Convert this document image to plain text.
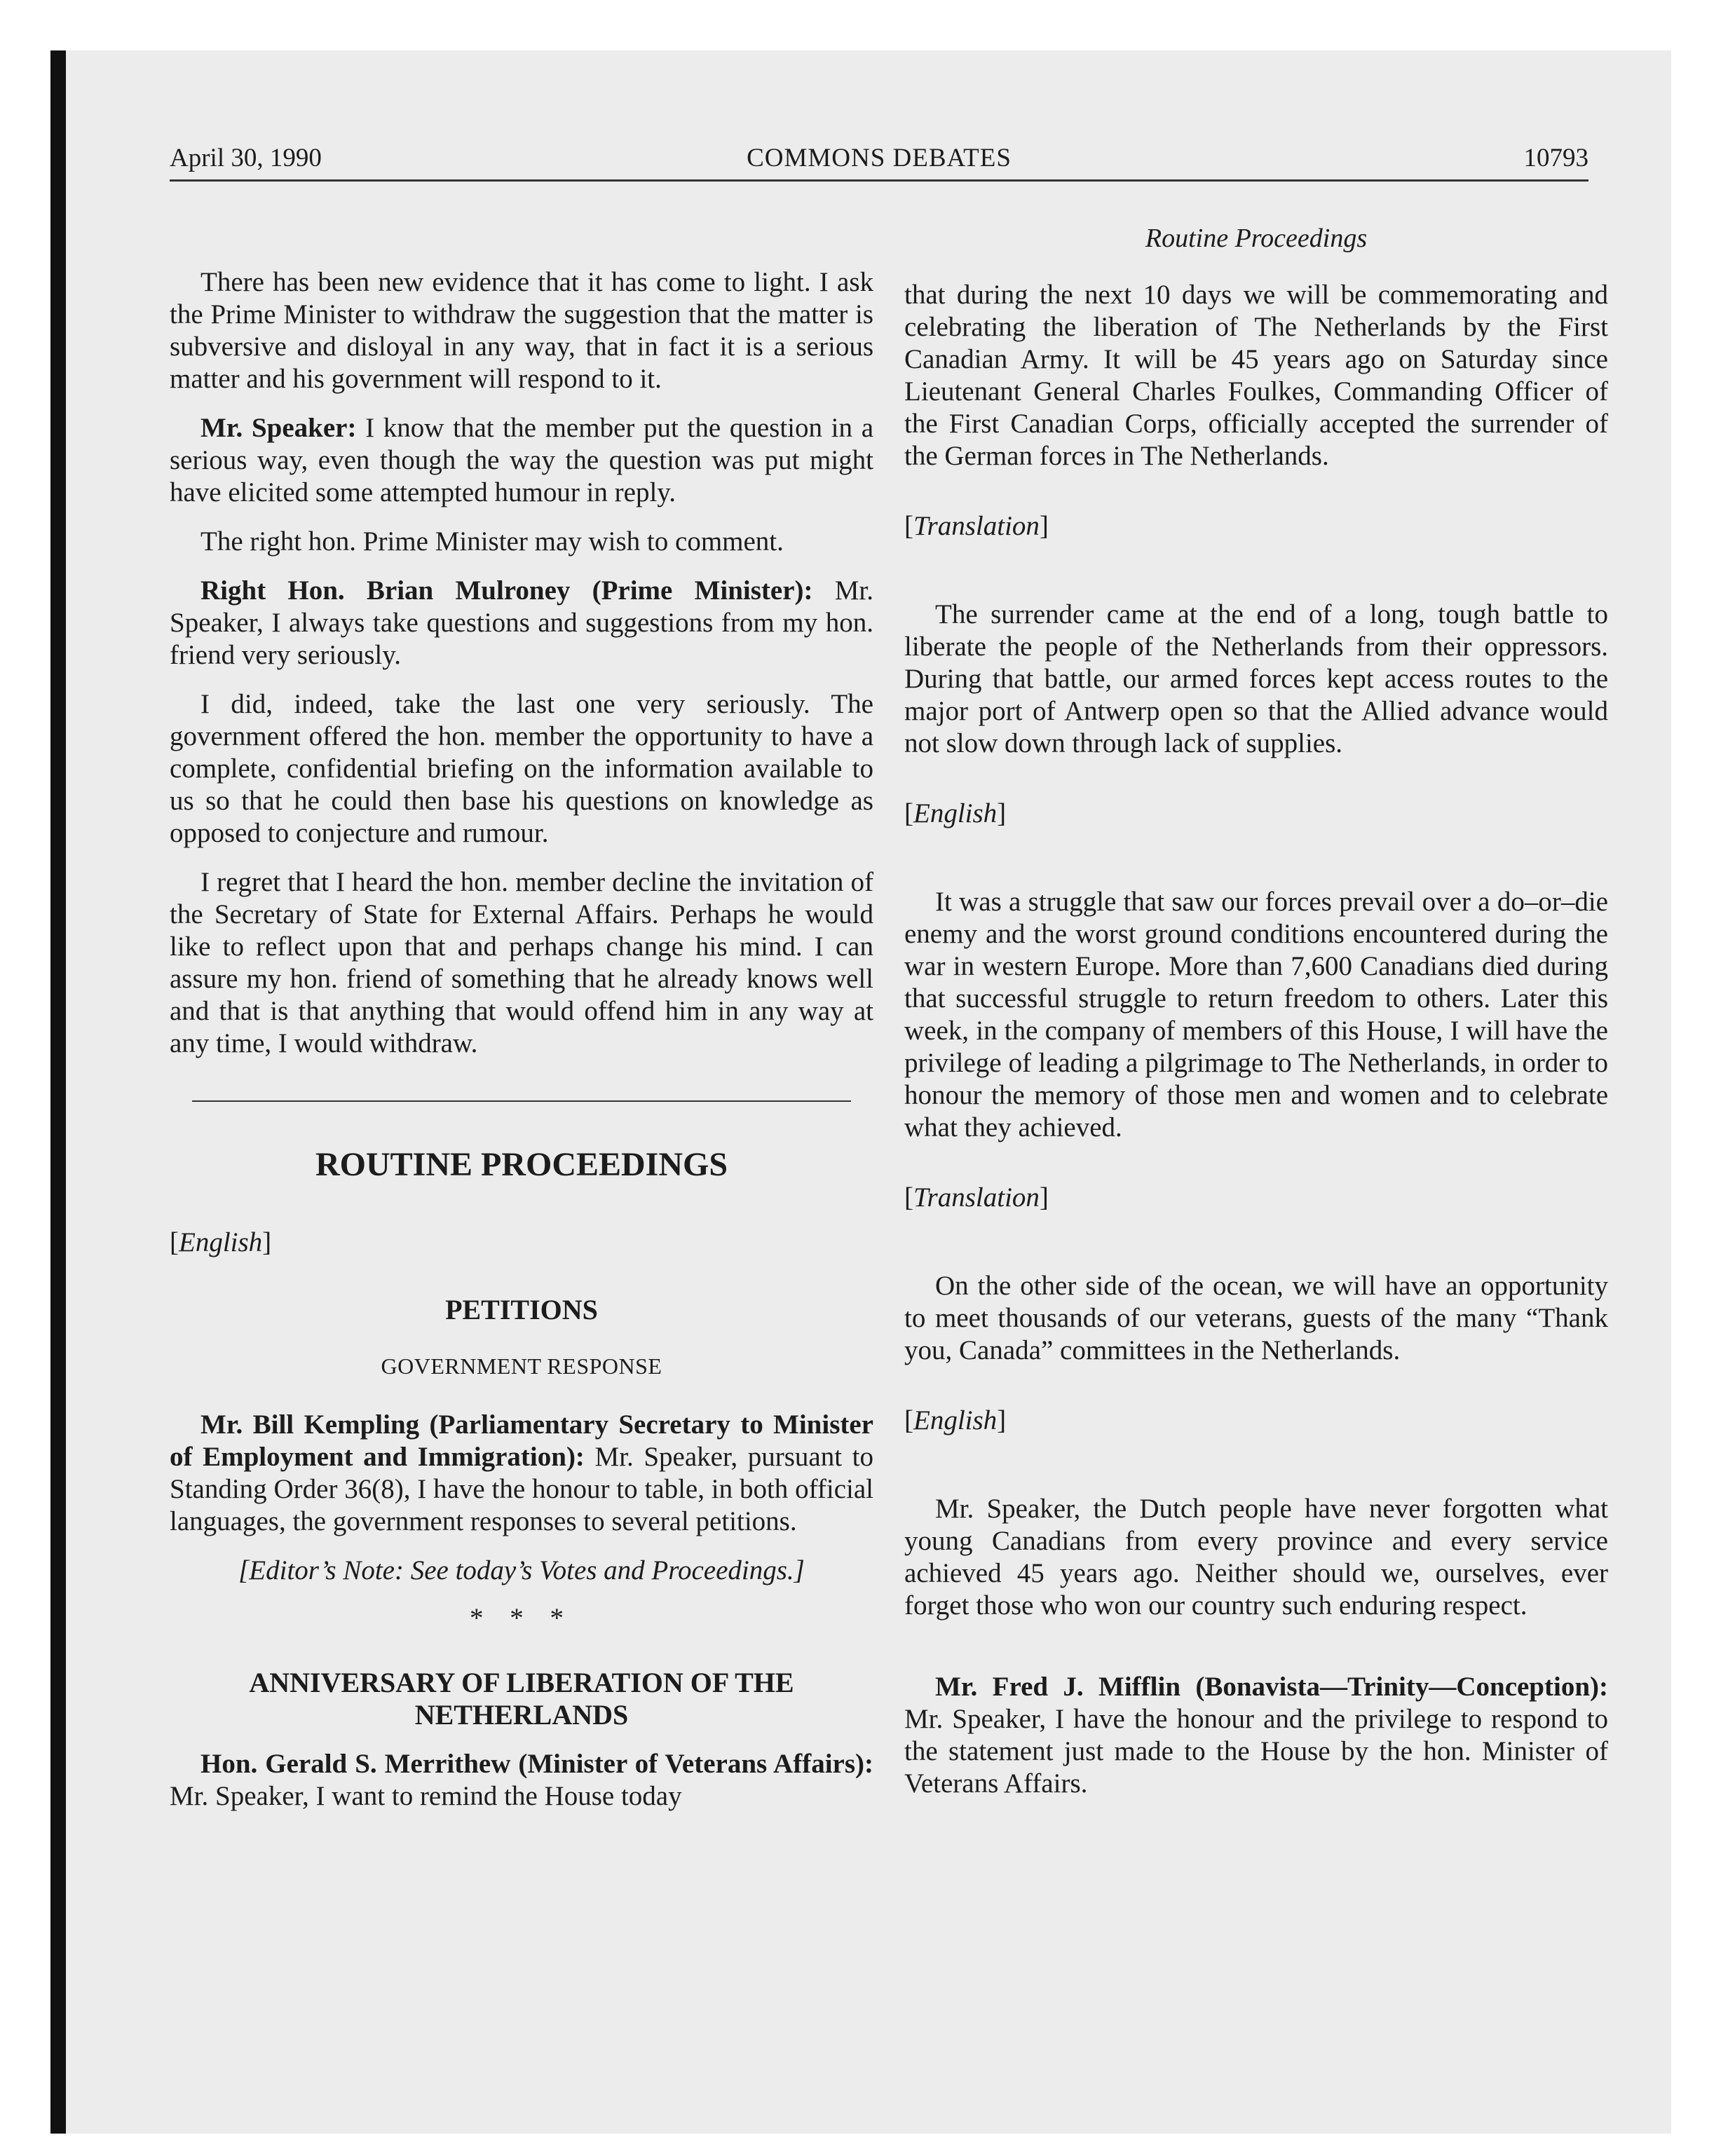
April 30, 1990	COMMONS DEBATES	10793
Routine Proceedings

There has been new evidence that it has come to light. I ask the Prime Minister to withdraw the suggestion that the matter is subversive and disloyal in any way, that in fact it is a serious matter and his government will respond to it.

Mr. Speaker: I know that the member put the question in a serious way, even though the way the question was put might have elicited some attempted humour in reply.

The right hon. Prime Minister may wish to comment.

Right Hon. Brian Mulroney (Prime Minister): Mr. Speaker, I always take questions and suggestions from my hon. friend very seriously.

I did, indeed, take the last one very seriously. The government offered the hon. member the opportunity to have a complete, confidential briefing on the information available to us so that he could then base his questions on knowledge as opposed to conjecture and rumour.

I regret that I heard the hon. member decline the invitation of the Secretary of State for External Affairs. Perhaps he would like to reflect upon that and perhaps change his mind. I can assure my hon. friend of something that he already knows well and that is that anything that would offend him in any way at any time, I would withdraw.

ROUTINE PROCEEDINGS

[English]

PETITIONS
GOVERNMENT RESPONSE

Mr. Bill Kempling (Parliamentary Secretary to Minister of Employment and Immigration): Mr. Speaker, pursuant to Standing Order 36(8), I have the honour to table, in both official languages, the government responses to several petitions.

[Editor’s Note: See today’s Votes and Proceedings.]

* * *
ANNIVERSARY OF LIBERATION OF THE NETHERLANDS

Hon. Gerald S. Merrithew (Minister of Veterans Affairs): Mr. Speaker, I want to remind the House today

that during the next 10 days we will be commemorating and celebrating the liberation of The Netherlands by the First Canadian Army. It will be 45 years ago on Saturday since Lieutenant General Charles Foulkes, Commanding Officer of the First Canadian Corps, officially accepted the surrender of the German forces in The Netherlands.

[Translation]

The surrender came at the end of a long, tough battle to liberate the people of the Netherlands from their oppressors. During that battle, our armed forces kept access routes to the major port of Antwerp open so that the Allied advance would not slow down through lack of supplies.

[English]

It was a struggle that saw our forces prevail over a do–or–die enemy and the worst ground conditions encountered during the war in western Europe. More than 7,600 Canadians died during that successful struggle to return freedom to others. Later this week, in the company of members of this House, I will have the privilege of leading a pilgrimage to The Netherlands, in order to honour the memory of those men and women and to celebrate what they achieved.

[Translation]

On the other side of the ocean, we will have an opportunity to meet thousands of our veterans, guests of the many “Thank you, Canada” committees in the Netherlands.

[English]

Mr. Speaker, the Dutch people have never forgotten what young Canadians from every province and every service achieved 45 years ago. Neither should we, ourselves, ever forget those who won our country such enduring respect.

Mr. Fred J. Mifflin (Bonavista—Trinity—Conception): Mr. Speaker, I have the honour and the privilege to respond to the statement just made to the House by the hon. Minister of Veterans Affairs.
